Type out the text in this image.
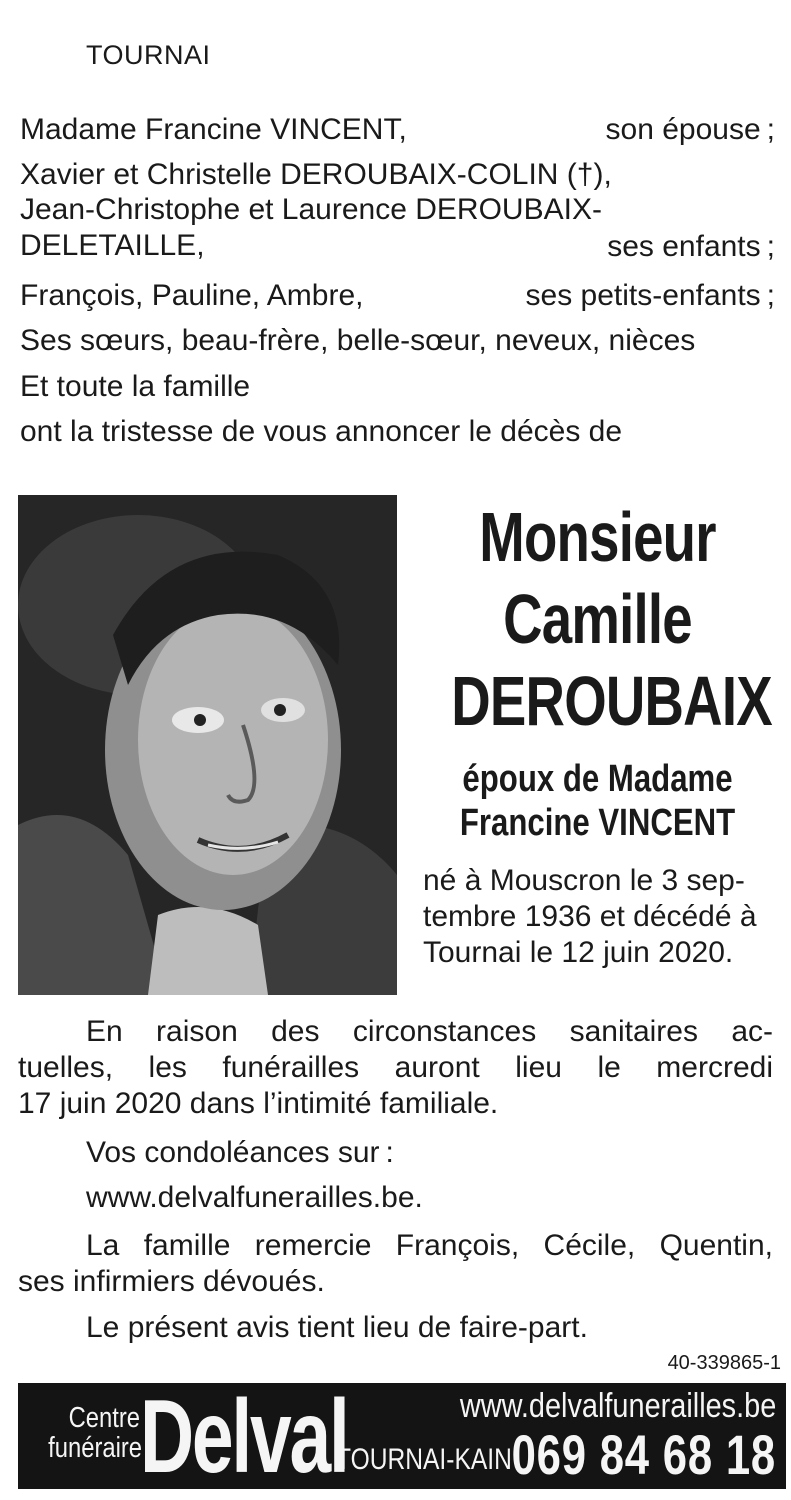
TOURNAI
Madame Francine VINCENT,	son épouse ;
Xavier et Christelle DEROUBAIX-COLIN (†),
Jean-Christophe et Laurence DEROUBAIX-DELETAILLE,	ses enfants ;
François, Pauline, Ambre,	ses petits-enfants ;
Ses sœurs, beau-frère, belle-sœur, neveux, nièces
Et toute la famille
ont la tristesse de vous annoncer le décès de
Monsieur
Camille
DEROUBAIX
époux de Madame
Francine VINCENT
né à Mouscron le 3 sep-
tembre 1936 et décédé à
Tournai le 12 juin 2020.
En raison des circonstances sanitaires ac-
tuelles, les funérailles auront lieu le mercredi
17 juin 2020 dans l’intimité familiale.
Vos condoléances sur :
www.delvalfunerailles.be.
La famille remercie François, Cécile, Quentin,
ses infirmiers dévoués.
Le présent avis tient lieu de faire-part.
40-339865-1
Centre
funéraire
Delval	www.delvalfunerailles.be
TOURNAI-KAIN 069 84 68 18
